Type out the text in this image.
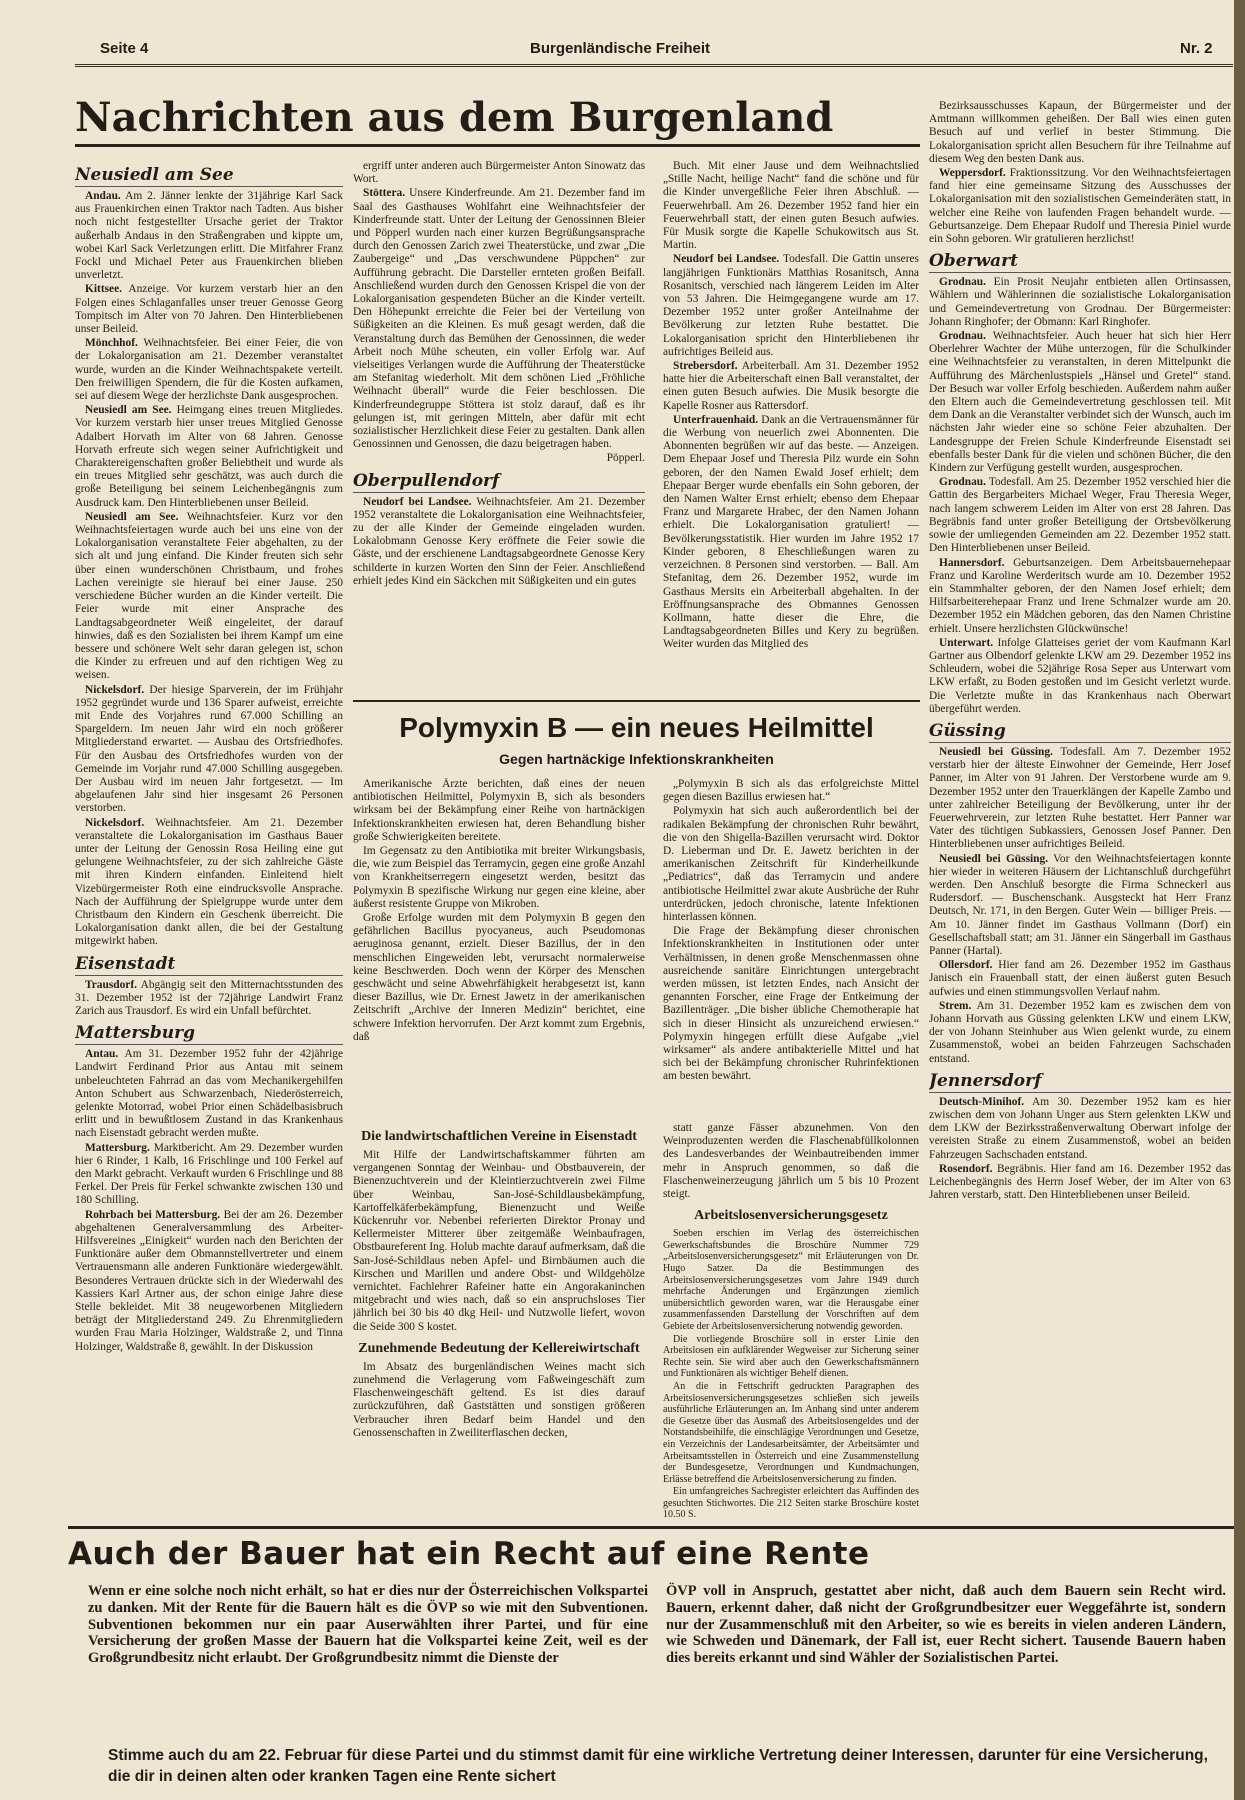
Seite 4	Burgenländische Freiheit	Nr. 2
Nachrichten aus dem Burgenland
Neusiedl am See

Andau. Am 2. Jänner lenkte der 31jährige Karl Sack aus Frauenkirchen einen Traktor nach Tadten. Aus bisher noch nicht festgestellter Ursache geriet der Traktor außerhalb Andaus in den Straßengraben und kippte um, wobei Karl Sack Verletzungen erlitt. Die Mitfahrer Franz Fockl und Michael Peter aus Frauenkirchen blieben unverletzt.

Kittsee. Anzeige. Vor kurzem verstarb hier an den Folgen eines Schlaganfalles unser treuer Genosse Georg Tompitsch im Alter von 70 Jahren. Den Hinterbliebenen unser Beileid.

Mönchhof. Weihnachtsfeier. Bei einer Feier, die von der Lokalorganisation am 21. Dezember veranstaltet wurde, wurden an die Kinder Weihnachtspakete verteilt. Den freiwilligen Spendern, die für die Kosten aufkamen, sei auf diesem Wege der herzlichste Dank ausgesprochen.

Neusiedl am See. Heimgang eines treuen Mitgliedes. Vor kurzem verstarb hier unser treues Mitglied Genosse Adalbert Horvath im Alter von 68 Jahren. Genosse Horvath erfreute sich wegen seiner Aufrichtigkeit und Charaktereigenschaften großer Beliebtheit und wurde als ein treues Mitglied sehr geschätzt, was auch durch die große Beteiligung bei seinem Leichenbegängnis zum Ausdruck kam. Den Hinterbliebenen unser Beileid.

Neusiedl am See. Weihnachtsfeier. Kurz vor den Weihnachtsfeiertagen wurde auch bei uns eine von der Lokalorganisation veranstaltete Feier abgehalten, zu der sich alt und jung einfand. Die Kinder freuten sich sehr über einen wunderschönen Christbaum, und frohes Lachen vereinigte sie hierauf bei einer Jause. 250 verschiedene Bücher wurden an die Kinder verteilt. Die Feier wurde mit einer Ansprache des Landtagsabgeordneter Weiß eingeleitet, der darauf hinwies, daß es den Sozialisten bei ihrem Kampf um eine bessere und schönere Welt sehr daran gelegen ist, schon die Kinder zu erfreuen und auf den richtigen Weg zu weisen.

Nickelsdorf. Der hiesige Sparverein, der im Frühjahr 1952 gegründet wurde und 136 Sparer aufweist, erreichte mit Ende des Vorjahres rund 67.000 Schilling an Spargeldern. Im neuen Jahr wird ein noch größerer Mitgliederstand erwartet. — Ausbau des Ortsfriedhofes. Für den Ausbau des Ortsfriedhofes wurden von der Gemeinde im Vorjahr rund 47.000 Schilling ausgegeben. Der Ausbau wird im neuen Jahr fortgesetzt. — Im abgelaufenen Jahr sind hier insgesamt 26 Personen verstorben.

Nickelsdorf. Weihnachtsfeier. Am 21. Dezember veranstaltete die Lokalorganisation im Gasthaus Bauer unter der Leitung der Genossin Rosa Heiling eine gut gelungene Weihnachtsfeier, zu der sich zahlreiche Gäste mit ihren Kindern einfanden. Einleitend hielt Vizebürgermeister Roth eine eindrucksvolle Ansprache. Nach der Aufführung der Spielgruppe wurde unter dem Christbaum den Kindern ein Geschenk überreicht. Die Lokalorganisation dankt allen, die bei der Gestaltung mitgewirkt haben.

Eisenstadt

Trausdorf. Abgängig seit den Mitternachtsstunden des 31. Dezember 1952 ist der 72jährige Landwirt Franz Zarich aus Trausdorf. Es wird ein Unfall befürchtet.

Mattersburg

Antau. Am 31. Dezember 1952 fuhr der 42jährige Landwirt Ferdinand Prior aus Antau mit seinem unbeleuchteten Fahrrad an das vom Mechanikergehilfen Anton Schubert aus Schwarzenbach, Niederösterreich, gelenkte Motorrad, wobei Prior einen Schädelbasisbruch erlitt und in bewußtlosem Zustand in das Krankenhaus nach Eisenstadt gebracht werden mußte.

Mattersburg. Marktbericht. Am 29. Dezember wurden hier 6 Rinder, 1 Kalb, 16 Frischlinge und 100 Ferkel auf den Markt gebracht. Verkauft wurden 6 Frischlinge und 88 Ferkel. Der Preis für Ferkel schwankte zwischen 130 und 180 Schilling.

Rohrbach bei Mattersburg. Bei der am 26. Dezember abgehaltenen Generalversammlung des Arbeiter-Hilfsvereines „Einigkeit“ wurden nach den Berichten der Funktionäre außer dem Obmannstellvertreter und einem Vertrauensmann alle anderen Funktionäre wiedergewählt. Besonderes Vertrauen drückte sich in der Wiederwahl des Kassiers Karl Artner aus, der schon einige Jahre diese Stelle bekleidet. Mit 38 neugeworbenen Mitgliedern beträgt der Mitgliederstand 249. Zu Ehrenmitgliedern wurden Frau Maria Holzinger, Waldstraße 2, und Tinna Holzinger, Waldstraße 8, gewählt. In der Diskussion

ergriff unter anderen auch Bürgermeister Anton Sinowatz das Wort.

Stöttera. Unsere Kinderfreunde. Am 21. Dezember fand im Saal des Gasthauses Wohlfahrt eine Weihnachtsfeier der Kinderfreunde statt. Unter der Leitung der Genossinnen Bleier und Pöpperl wurden nach einer kurzen Begrüßungsansprache durch den Genossen Zarich zwei Theaterstücke, und zwar „Die Zaubergeige“ und „Das verschwundene Püppchen“ zur Aufführung gebracht. Die Darsteller ernteten großen Beifall. Anschließend wurden durch den Genossen Krispel die von der Lokalorganisation gespendeten Bücher an die Kinder verteilt. Den Höhepunkt erreichte die Feier bei der Verteilung von Süßigkeiten an die Kleinen. Es muß gesagt werden, daß die Veranstaltung durch das Bemühen der Genossinnen, die weder Arbeit noch Mühe scheuten, ein voller Erfolg war. Auf vielseitiges Verlangen wurde die Aufführung der Theaterstücke am Stefanitag wiederholt. Mit dem schönen Lied „Fröhliche Weihnacht überall“ wurde die Feier beschlossen. Die Kinderfreundegruppe Stöttera ist stolz darauf, daß es ihr gelungen ist, mit geringen Mitteln, aber dafür mit echt sozialistischer Herzlichkeit diese Feier zu gestalten. Dank allen Genossinnen und Genossen, die dazu beigetragen haben.

Pöpperl.

Oberpullendorf

Neudorf bei Landsee. Weihnachtsfeier. Am 21. Dezember 1952 veranstaltete die Lokalorganisation eine Weihnachtsfeier, zu der alle Kinder der Gemeinde eingeladen wurden. Lokalobmann Genosse Kery eröffnete die Feier sowie die Gäste, und der erschienene Landtagsabgeordnete Genosse Kery schilderte in kurzen Worten den Sinn der Feier. Anschließend erhielt jedes Kind ein Säckchen mit Süßigkeiten und ein gutes

Buch. Mit einer Jause und dem Weihnachtslied „Stille Nacht, heilige Nacht“ fand die schöne und für die Kinder unvergeßliche Feier ihren Abschluß. — Feuerwehrball. Am 26. Dezember 1952 fand hier ein Feuerwehrball statt, der einen guten Besuch aufwies. Für Musik sorgte die Kapelle Schukowitsch aus St. Martin.

Neudorf bei Landsee. Todesfall. Die Gattin unseres langjährigen Funktionärs Matthias Rosanitsch, Anna Rosanitsch, verschied nach längerem Leiden im Alter von 53 Jahren. Die Heimgegangene wurde am 17. Dezember 1952 unter großer Anteilnahme der Bevölkerung zur letzten Ruhe bestattet. Die Lokalorganisation spricht den Hinterbliebenen ihr aufrichtiges Beileid aus.

Strebersdorf. Arbeiterball. Am 31. Dezember 1952 hatte hier die Arbeiterschaft einen Ball veranstaltet, der einen guten Besuch aufwies. Die Musik besorgte die Kapelle Rosner aus Rattersdorf.

Unterfrauenhaid. Dank an die Vertrauensmänner für die Werbung von neuerlich zwei Abonnenten. Die Abonnenten begrüßen wir auf das beste. — Anzeigen. Dem Ehepaar Josef und Theresia Pilz wurde ein Sohn geboren, der den Namen Ewald Josef erhielt; dem Ehepaar Berger wurde ebenfalls ein Sohn geboren, der den Namen Walter Ernst erhielt; ebenso dem Ehepaar Franz und Margarete Hrabec, der den Namen Johann erhielt. Die Lokalorganisation gratuliert! — Bevölkerungsstatistik. Hier wurden im Jahre 1952 17 Kinder geboren, 8 Eheschließungen waren zu verzeichnen. 8 Personen sind verstorben. — Ball. Am Stefanitag, dem 26. Dezember 1952, wurde im Gasthaus Mersits ein Arbeiterball abgehalten. In der Eröffnungsansprache des Obmannes Genossen Kollmann, hatte dieser die Ehre, die Landtagsabgeordneten Billes und Kery zu begrüßen. Weiter wurden das Mitglied des

Polymyxin B — ein neues Heilmittel
Gegen hartnäckige Infektionskrankheiten

Amerikanische Ärzte berichten, daß eines der neuen antibiotischen Heilmittel, Polymyxin B, sich als besonders wirksam bei der Bekämpfung einer Reihe von hartnäckigen Infektionskrankheiten erwiesen hat, deren Behandlung bisher große Schwierigkeiten bereitete.

Im Gegensatz zu den Antibiotika mit breiter Wirkungsbasis, die, wie zum Beispiel das Terramycin, gegen eine große Anzahl von Krankheitserregern eingesetzt werden, besitzt das Polymyxin B spezifische Wirkung nur gegen eine kleine, aber äußerst resistente Gruppe von Mikroben.

Große Erfolge wurden mit dem Polymyxin B gegen den gefährlichen Bacillus pyocyaneus, auch Pseudomonas aeruginosa genannt, erzielt. Dieser Bazillus, der in den menschlichen Eingeweiden lebt, verursacht normalerweise keine Beschwerden. Doch wenn der Körper des Menschen geschwächt und seine Abwehrfähigkeit herabgesetzt ist, kann dieser Bazillus, wie Dr. Ernest Jawetz in der amerikanischen Zeitschrift „Archive der Inneren Medizin“ berichtet, eine schwere Infektion hervorrufen. Der Arzt kommt zum Ergebnis, daß

„Polymyxin B sich als das erfolgreichste Mittel gegen diesen Bazillus erwiesen hat.“

Polymyxin hat sich auch außerordentlich bei der radikalen Bekämpfung der chronischen Ruhr bewährt, die von den Shigella-Bazillen verursacht wird. Doktor D. Lieberman und Dr. E. Jawetz berichten in der amerikanischen Zeitschrift für Kinderheilkunde „Pediatrics“, daß das Terramycin und andere antibiotische Heilmittel zwar akute Ausbrüche der Ruhr unterdrücken, jedoch chronische, latente Infektionen hinterlassen können.

Die Frage der Bekämpfung dieser chronischen Infektionskrankheiten in Institutionen oder unter Verhältnissen, in denen große Menschenmassen ohne ausreichende sanitäre Einrichtungen untergebracht werden müssen, ist letzten Endes, nach Ansicht der genannten Forscher, eine Frage der Entkeimung der Bazillenträger. „Die bisher übliche Chemotherapie hat sich in dieser Hinsicht als unzureichend erwiesen.“ Polymyxin hingegen erfüllt diese Aufgabe „viel wirksamer“ als andere antibakterielle Mittel und hat sich bei der Bekämpfung chronischer Ruhrinfektionen am besten bewährt.

Die landwirtschaftlichen Vereine in Eisenstadt

Mit Hilfe der Landwirtschaftskammer führten am vergangenen Sonntag der Weinbau- und Obstbauverein, der Bienenzuchtverein und der Kleintierzuchtverein zwei Filme über Weinbau, San-José-Schildlausbekämpfung, Kartoffelkäferbekämpfung, Bienenzucht und Weiße Kückenruhr vor. Nebenbei referierten Direktor Pronay und Kellermeister Mitterer über zeitgemäße Weinbaufragen, Obstbaureferent Ing. Holub machte darauf aufmerksam, daß die San-José-Schildlaus neben Apfel- und Birnbäumen auch die Kirschen und Marillen und andere Obst- und Wildgehölze vernichtet. Fachlehrer Rafeiner hatte ein Angorakaninchen mitgebracht und wies nach, daß so ein anspruchsloses Tier jährlich bei 30 bis 40 dkg Heil- und Nutzwolle liefert, wovon die Seide 300 S kostet.

Zunehmende Bedeutung der Kellereiwirtschaft

Im Absatz des burgenländischen Weines macht sich zunehmend die Verlagerung vom Faßweingeschäft zum Flaschenweingeschäft geltend. Es ist dies darauf zurückzuführen, daß Gaststätten und sonstigen größeren Verbraucher ihren Bedarf beim Handel und den Genossenschaften in Zweiliterflaschen decken,

statt ganze Fässer abzunehmen. Von den Weinproduzenten werden die Flaschenabfüllkolonnen des Landesverbandes der Weinbautreibenden immer mehr in Anspruch genommen, so daß die Flaschenweinerzeugung jährlich um 5 bis 10 Prozent steigt.

Arbeitslosenversicherungsgesetz

Soeben erschien im Verlag des österreichischen Gewerkschaftsbundes die Broschüre Nummer 729 „Arbeitslosenversicherungsgesetz“ mit Erläuterungen von Dr. Hugo Satzer. Da die Bestimmungen des Arbeitslosenversicherungsgesetzes vom Jahre 1949 durch mehrfache Änderungen und Ergänzungen ziemlich unübersichtlich geworden waren, war die Herausgabe einer zusammenfassenden Darstellung der Vorschriften auf dem Gebiete der Arbeitslosenversicherung notwendig geworden.

Die vorliegende Broschüre soll in erster Linie den Arbeitslosen ein aufklärender Wegweiser zur Sicherung seiner Rechte sein. Sie wird aber auch den Gewerkschaftsmännern und Funktionären als wichtiger Behelf dienen.

An die in Fettschrift gedruckten Paragraphen des Arbeitslosenversicherungsgesetzes schließen sich jeweils ausführliche Erläuterungen an. Im Anhang sind unter anderem die Gesetze über das Ausmaß des Arbeitslosengeldes und der Notstandsbeihilfe, die einschlägige Verordnungen und Gesetze, ein Verzeichnis der Landesarbeitsämter, der Arbeitsämter und Arbeitsamtsstellen in Österreich und eine Zusammenstellung der Bundesgesetze, Verordnungen und Kundmachungen, Erlässe betreffend die Arbeitslosenversicherung zu finden.

Ein umfangreiches Sachregister erleichtert das Auffinden des gesuchten Stichwortes. Die 212 Seiten starke Broschüre kostet 10.50 S.

Bezirksausschusses Kapaun, der Bürgermeister und der Amtmann willkommen geheißen. Der Ball wies einen guten Besuch auf und verlief in bester Stimmung. Die Lokalorganisation spricht allen Besuchern für ihre Teilnahme auf diesem Weg den besten Dank aus.

Weppersdorf. Fraktionssitzung. Vor den Weihnachtsfeiertagen fand hier eine gemeinsame Sitzung des Ausschusses der Lokalorganisation mit den sozialistischen Gemeinderäten statt, in welcher eine Reihe von laufenden Fragen behandelt wurde. — Geburtsanzeige. Dem Ehepaar Rudolf und Theresia Piniel wurde ein Sohn geboren. Wir gratulieren herzlichst!

Oberwart

Grodnau. Ein Prosit Neujahr entbieten allen Ortinsassen, Wählern und Wählerinnen die sozialistische Lokalorganisation und Gemeindevertretung von Grodnau. Der Bürgermeister: Johann Ringhofer; der Obmann: Karl Ringhofer.

Grodnau. Weihnachtsfeier. Auch heuer hat sich hier Herr Oberlehrer Wachter der Mühe unterzogen, für die Schulkinder eine Weihnachtsfeier zu veranstalten, in deren Mittelpunkt die Aufführung des Märchenlustspiels „Hänsel und Gretel“ stand. Der Besuch war voller Erfolg beschieden. Außerdem nahm außer den Eltern auch die Gemeindevertretung geschlossen teil. Mit dem Dank an die Veranstalter verbindet sich der Wunsch, auch im nächsten Jahr wieder eine so schöne Feier abzuhalten. Der Landesgruppe der Freien Schule Kinderfreunde Eisenstadt sei ebenfalls bester Dank für die vielen und schönen Bücher, die den Kindern zur Verfügung gestellt wurden, ausgesprochen.

Grodnau. Todesfall. Am 25. Dezember 1952 verschied hier die Gattin des Bergarbeiters Michael Weger, Frau Theresia Weger, nach langem schwerem Leiden im Alter von erst 28 Jahren. Das Begräbnis fand unter großer Beteiligung der Ortsbevölkerung sowie der umliegenden Gemeinden am 22. Dezember 1952 statt. Den Hinterbliebenen unser Beileid.

Hannersdorf. Geburtsanzeigen. Dem Arbeitsbauernehepaar Franz und Karoline Werderitsch wurde am 10. Dezember 1952 ein Stammhalter geboren, der den Namen Josef erhielt; dem Hilfsarbeiterehepaar Franz und Irene Schmalzer wurde am 20. Dezember 1952 ein Mädchen geboren, das den Namen Christine erhielt. Unsere herzlichsten Glückwünsche!

Unterwart. Infolge Glatteises geriet der vom Kaufmann Karl Gartner aus Olbendorf gelenkte LKW am 29. Dezember 1952 ins Schleudern, wobei die 52jährige Rosa Seper aus Unterwart vom LKW erfaßt, zu Boden gestoßen und im Gesicht verletzt wurde. Die Verletzte mußte in das Krankenhaus nach Oberwart übergeführt werden.

Güssing

Neusiedl bei Güssing. Todesfall. Am 7. Dezember 1952 verstarb hier der älteste Einwohner der Gemeinde, Herr Josef Panner, im Alter von 91 Jahren. Der Verstorbene wurde am 9. Dezember 1952 unter den Trauerklängen der Kapelle Zambo und unter zahlreicher Beteiligung der Bevölkerung, unter ihr der Feuerwehrverein, zur letzten Ruhe bestattet. Herr Panner war Vater des tüchtigen Subkassiers, Genossen Josef Panner. Den Hinterbliebenen unser aufrichtiges Beileid.

Neusiedl bei Güssing. Vor den Weihnachtsfeiertagen konnte hier wieder in weiteren Häusern der Lichtanschluß durchgeführt werden. Den Anschluß besorgte die Firma Schneckerl aus Rudersdorf. — Buschenschank. Ausgsteckt hat Herr Franz Deutsch, Nr. 171, in den Bergen. Guter Wein — billiger Preis. — Am 10. Jänner findet im Gasthaus Vollmann (Dorf) ein Gesellschaftsball statt; am 31. Jänner ein Sängerball im Gasthaus Panner (Hartal).

Ollersdorf. Hier fand am 26. Dezember 1952 im Gasthaus Janisch ein Frauenball statt, der einen äußerst guten Besuch aufwies und einen stimmungsvollen Verlauf nahm.

Strem. Am 31. Dezember 1952 kam es zwischen dem von Johann Horvath aus Güssing gelenkten LKW und einem LKW, der von Johann Steinhuber aus Wien gelenkt wurde, zu einem Zusammenstoß, wobei an beiden Fahrzeugen Sachschaden entstand.

Jennersdorf

Deutsch-Minihof. Am 30. Dezember 1952 kam es hier zwischen dem von Johann Unger aus Stern gelenkten LKW und dem LKW der Bezirksstraßenverwaltung Oberwart infolge der vereisten Straße zu einem Zusammenstoß, wobei an beiden Fahrzeugen Sachschaden entstand.

Rosendorf. Begräbnis. Hier fand am 16. Dezember 1952 das Leichenbegängnis des Herrn Josef Weber, der im Alter von 63 Jahren verstarb, statt. Den Hinterbliebenen unser Beileid.

Auch der Bauer hat ein Recht auf eine Rente
Wenn er eine solche noch nicht erhält, so hat er dies nur der Österreichischen Volkspartei zu danken. Mit der Rente für die Bauern hält es die ÖVP so wie mit den Subventionen. Subventionen bekommen nur ein paar Auserwählten ihrer Partei, und für eine Versicherung der großen Masse der Bauern hat die Volkspartei keine Zeit, weil es der Großgrundbesitz nicht erlaubt. Der Großgrundbesitz nimmt die Dienste der
ÖVP voll in Anspruch, gestattet aber nicht, daß auch dem Bauern sein Recht wird. Bauern, erkennt daher, daß nicht der Großgrundbesitzer euer Weggefährte ist, sondern nur der Zusammenschluß mit den Arbeiter, so wie es bereits in vielen anderen Ländern, wie Schweden und Dänemark, der Fall ist, euer Recht sichert. Tausende Bauern haben dies bereits erkannt und sind Wähler der Sozialistischen Partei.
Stimme auch du am 22. Februar für diese Partei und du stimmst damit für eine wirkliche Vertretung deiner Interessen, darunter für eine Versicherung, die dir in deinen alten oder kranken Tagen eine Rente sichert
